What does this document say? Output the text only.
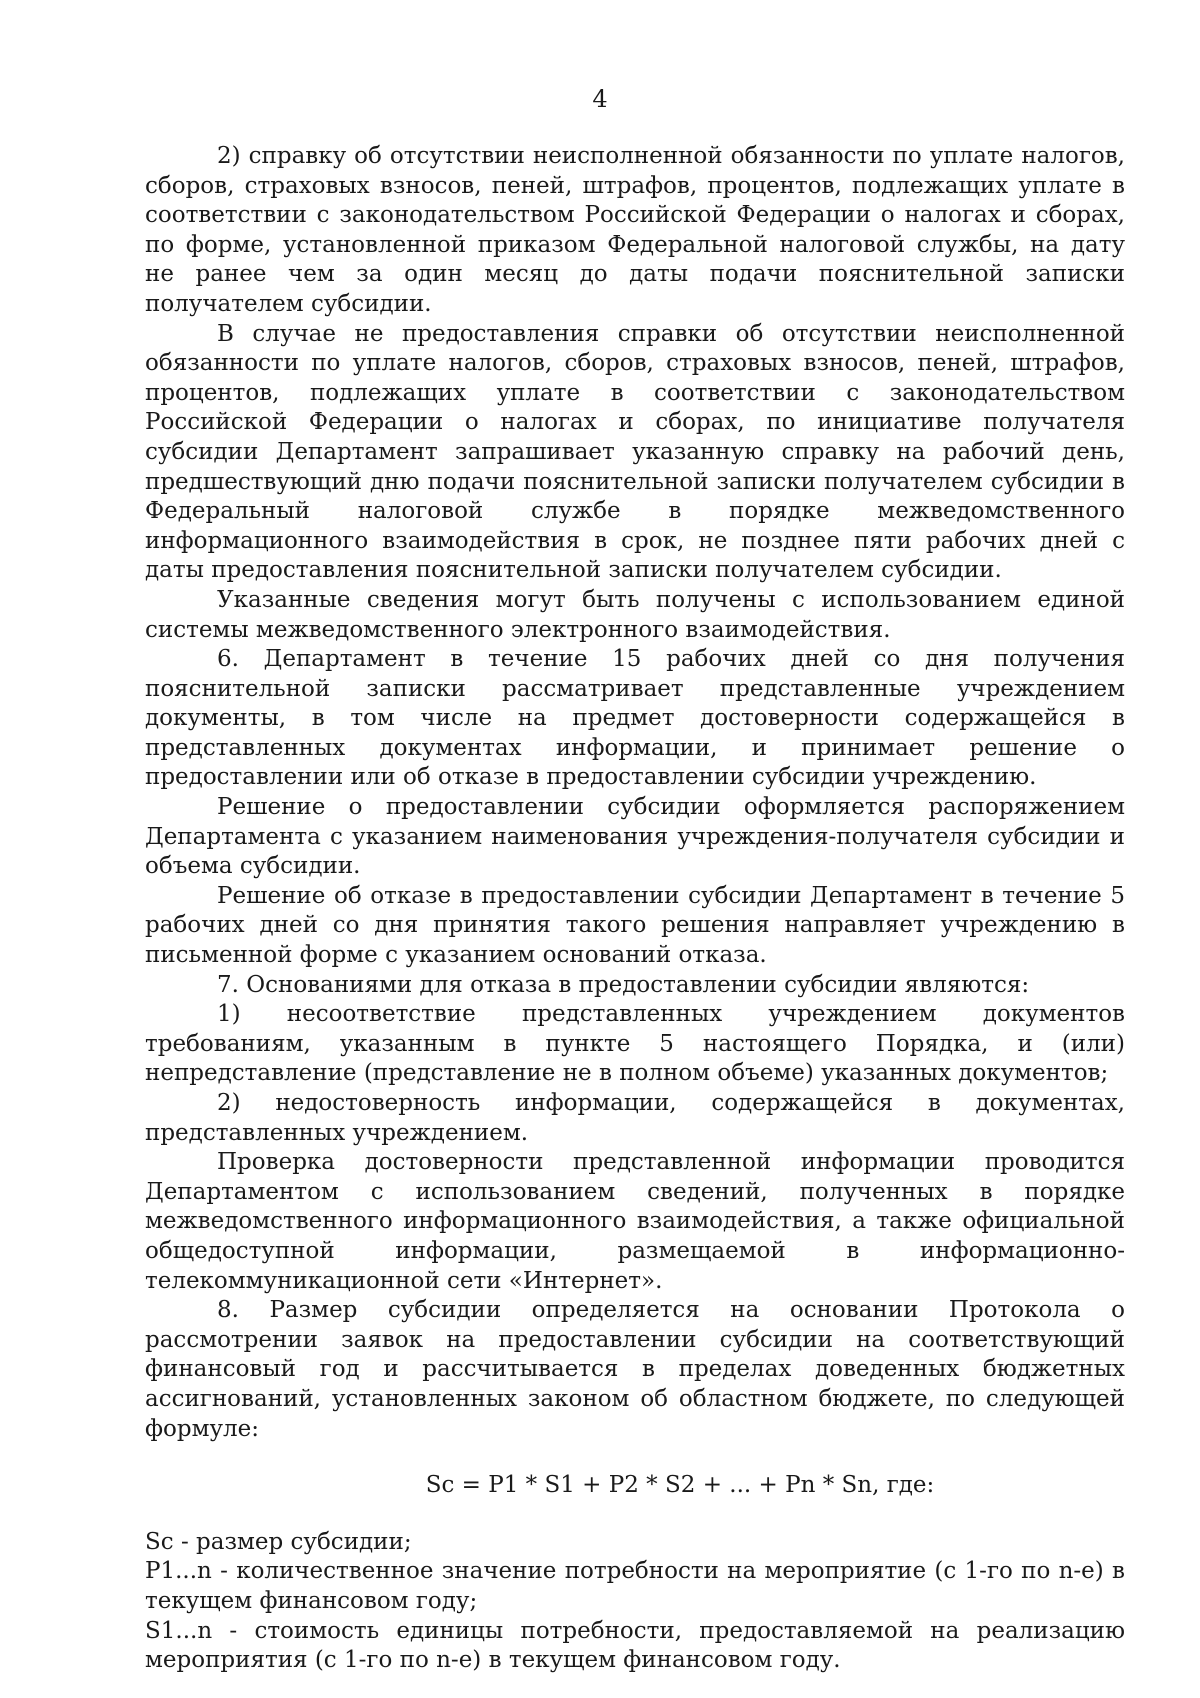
4

2) справку об отсутствии неисполненной обязанности по уплате налогов, сборов, страховых взносов, пеней, штрафов, процентов, подлежащих уплате в соответствии с законодательством Российской Федерации о налогах и сборах, по форме, установленной приказом Федеральной налоговой службы, на дату не ранее чем за один месяц до даты подачи пояснительной записки получателем субсидии.

В случае не предоставления справки об отсутствии неисполненной обязанности по уплате налогов, сборов, страховых взносов, пеней, штрафов, процентов, подлежащих уплате в соответствии с законодательством Российской Федерации о налогах и сборах, по инициативе получателя субсидии Департамент запрашивает указанную справку на рабочий день, предшествующий дню подачи пояснительной записки получателем субсидии в Федеральный налоговой службе в порядке межведомственного информационного взаимодействия в срок, не позднее пяти рабочих дней с даты предоставления пояснительной записки получателем субсидии.

Указанные сведения могут быть получены с использованием единой системы межведомственного электронного взаимодействия.

6. Департамент в течение 15 рабочих дней со дня получения пояснительной записки рассматривает представленные учреждением документы, в том числе на предмет достоверности содержащейся в представленных документах информации, и принимает решение о предоставлении или об отказе в предоставлении субсидии учреждению.

Решение о предоставлении субсидии оформляется распоряжением Департамента с указанием наименования учреждения-получателя субсидии и объема субсидии.

Решение об отказе в предоставлении субсидии Департамент в течение 5 рабочих дней со дня принятия такого решения направляет учреждению в письменной форме с указанием оснований отказа.

7. Основаниями для отказа в предоставлении субсидии являются:

1) несоответствие представленных учреждением документов требованиям, указанным в пункте 5 настоящего Порядка, и (или) непредставление (представление не в полном объеме) указанных документов;

2) недостоверность информации, содержащейся в документах, представленных учреждением.

Проверка достоверности представленной информации проводится Департаментом с использованием сведений, полученных в порядке межведомственного информационного взаимодействия, а также официальной общедоступной информации, размещаемой в информационно-телекоммуникационной сети «Интернет».

8. Размер субсидии определяется на основании Протокола о рассмотрении заявок на предоставлении субсидии на соответствующий финансовый год и рассчитывается в пределах доведенных бюджетных ассигнований, установленных законом об областном бюджете, по следующей формуле:

Sc = P1 * S1 + P2 * S2 + ... + Pn * Sn, где:

Sc - размер субсидии;

P1...n - количественное значение потребности на мероприятие (с 1-го по n-е) в текущем финансовом году;

S1...n - стоимость единицы потребности, предоставляемой на реализацию мероприятия (с 1-го по n-е) в текущем финансовом году.
